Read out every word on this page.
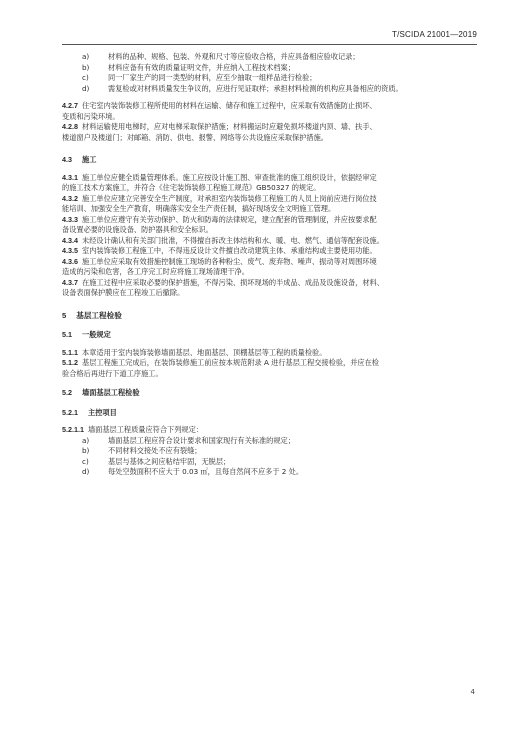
T/SCIDA 21001—2019
a)	材料的品种、规格、包装、外观和尺寸等应验收合格，并应具备相应验收记录；
b)	材料应备有有效的质量证明文件，并应纳入工程技术档案；
c)	同一厂家生产的同一类型的材料，应至少抽取一组样品进行检验；
d)	需复检或对材料质量发生争议的，应进行见证取样；承担材料检测的机构应具备相应的资质。
4.2.7 住宅室内装饰装修工程所使用的材料在运输、储存和施工过程中，应采取有效措施防止损坏、
变质和污染环境。
4.2.8 材料运输使用电梯时，应对电梯采取保护措施；材料搬运时应避免损坏楼道内顶、墙、扶手、
楼道窗户及楼道门；对邮箱、消防、供电、报警、网络等公共设施应采取保护措施。
4.3 施工
4.3.1 施工单位应健全质量管理体系。施工应按设计施工图、审查批准的施工组织设计，依据经审定
的施工技术方案施工，并符合《住宅装饰装修工程施工规范》GB50327 的规定。
4.3.2 施工单位应建立完善安全生产制度，对承担室内装饰装修工程施工的人员上岗前应进行岗位技
能培训、加强安全生产教育，明确落实安全生产责任制，搞好现场安全文明施工管理。
4.3.3 施工单位应遵守有关劳动保护、防火和防毒的法律规定，建立配套的管理制度，并应按要求配
备设置必要的设施设备、防护器具和安全标识。
4.3.4 未经设计确认和有关部门批准，不得擅自拆改主体结构和水、暖、电、燃气、通信等配套设施。
4.3.5 室内装饰装修工程施工中，不得违反设计文件擅自改动建筑主体、承重结构或主要使用功能。
4.3.6 施工单位应采取有效措施控制施工现场的各种粉尘、废气、废弃物、噪声、振动等对周围环境
造成的污染和危害，各工序完工时应将施工现场清理干净。
4.3.7 在施工过程中应采取必要的保护措施，不得污染、损坏现场的半成品、成品及设施设备，材料、
设备表面保护膜应在工程竣工后撤除。
5 基层工程检验
5.1 一般规定
5.1.1 本章适用于室内装饰装修墙面基层、地面基层、顶棚基层等工程的质量检验。
5.1.2 基层工程施工完成后，在装饰装修施工前应按本规范附录 A 进行基层工程交接检验，并应在检
验合格后再进行下道工序施工。
5.2 墙面基层工程检验
5.2.1 主控项目
5.2.1.1 墙面基层工程质量应符合下列规定：
a)	墙面基层工程应符合设计要求和国家现行有关标准的规定；
b)	不同材料交接处不应有裂缝；
c)	基层与基体之间应粘结牢固，无脱层；
d)	每处空鼓面积不应大于 0.03 ㎡，且每自然间不应多于 2 处。
4
